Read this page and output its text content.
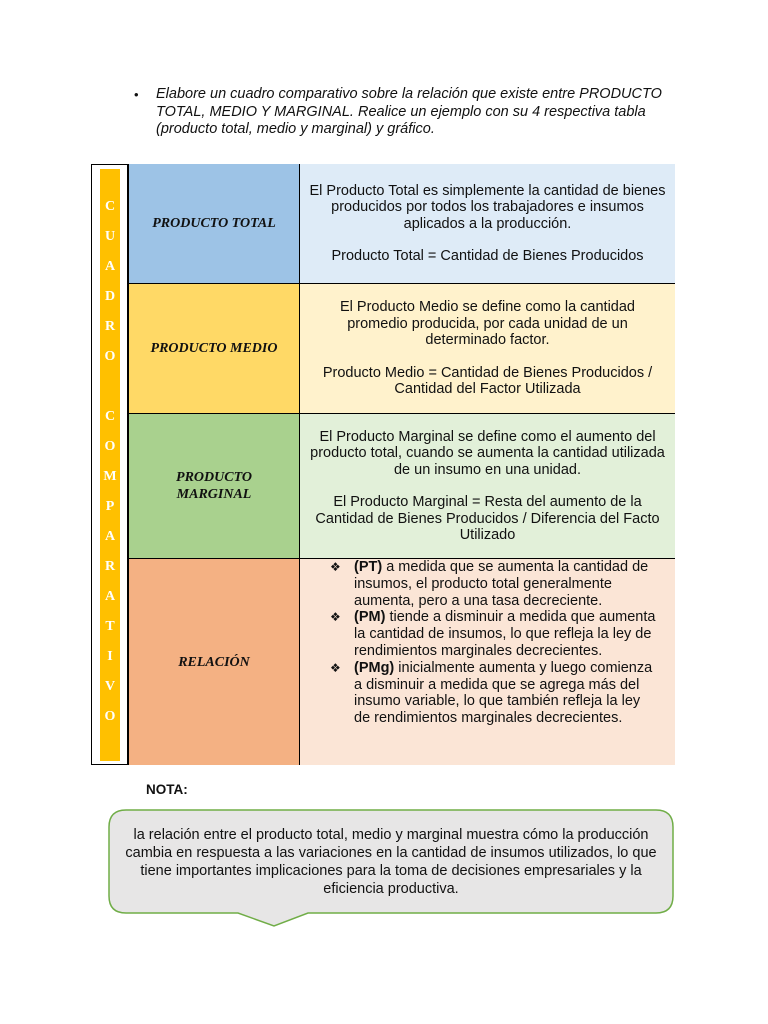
• Elabore un cuadro comparativo sobre la relación que existe entre PRODUCTO TOTAL, MEDIO Y MARGINAL. Realice un ejemplo con su 4 respectiva tabla (producto total, medio y marginal) y gráfico.
C
U
A
D
R
O
C
O
M
P
A
R
A
T
I
V
O
PRODUCTO TOTAL

El Producto Total es simplemente la cantidad de bienes producidos por todos los trabajadores e insumos aplicados a la producción.

Producto Total = Cantidad de Bienes Producidos

PRODUCTO MEDIO

El Producto Medio se define como la cantidad promedio producida, por cada unidad de un determinado factor.

Producto Medio = Cantidad de Bienes Producidos / Cantidad del Factor Utilizada

PRODUCTO MARGINAL

El Producto Marginal se define como el aumento del producto total, cuando se aumenta la cantidad utilizada de un insumo en una unidad.

El Producto Marginal = Resta del aumento de la Cantidad de Bienes Producidos / Diferencia del Facto Utilizado

RELACIÓN
❖ (PT) a medida que se aumenta la cantidad de insumos, el producto total generalmente aumenta, pero a una tasa decreciente.
❖ (PM) tiende a disminuir a medida que aumenta la cantidad de insumos, lo que refleja la ley de rendimientos marginales decrecientes.
❖ (PMg) inicialmente aumenta y luego comienza a disminuir a medida que se agrega más del insumo variable, lo que también refleja la ley de rendimientos marginales decrecientes.
NOTA:
la relación entre el producto total, medio y marginal muestra cómo la producción cambia en respuesta a las variaciones en la cantidad de insumos utilizados, lo que tiene importantes implicaciones para la toma de decisiones empresariales y la eficiencia productiva.
